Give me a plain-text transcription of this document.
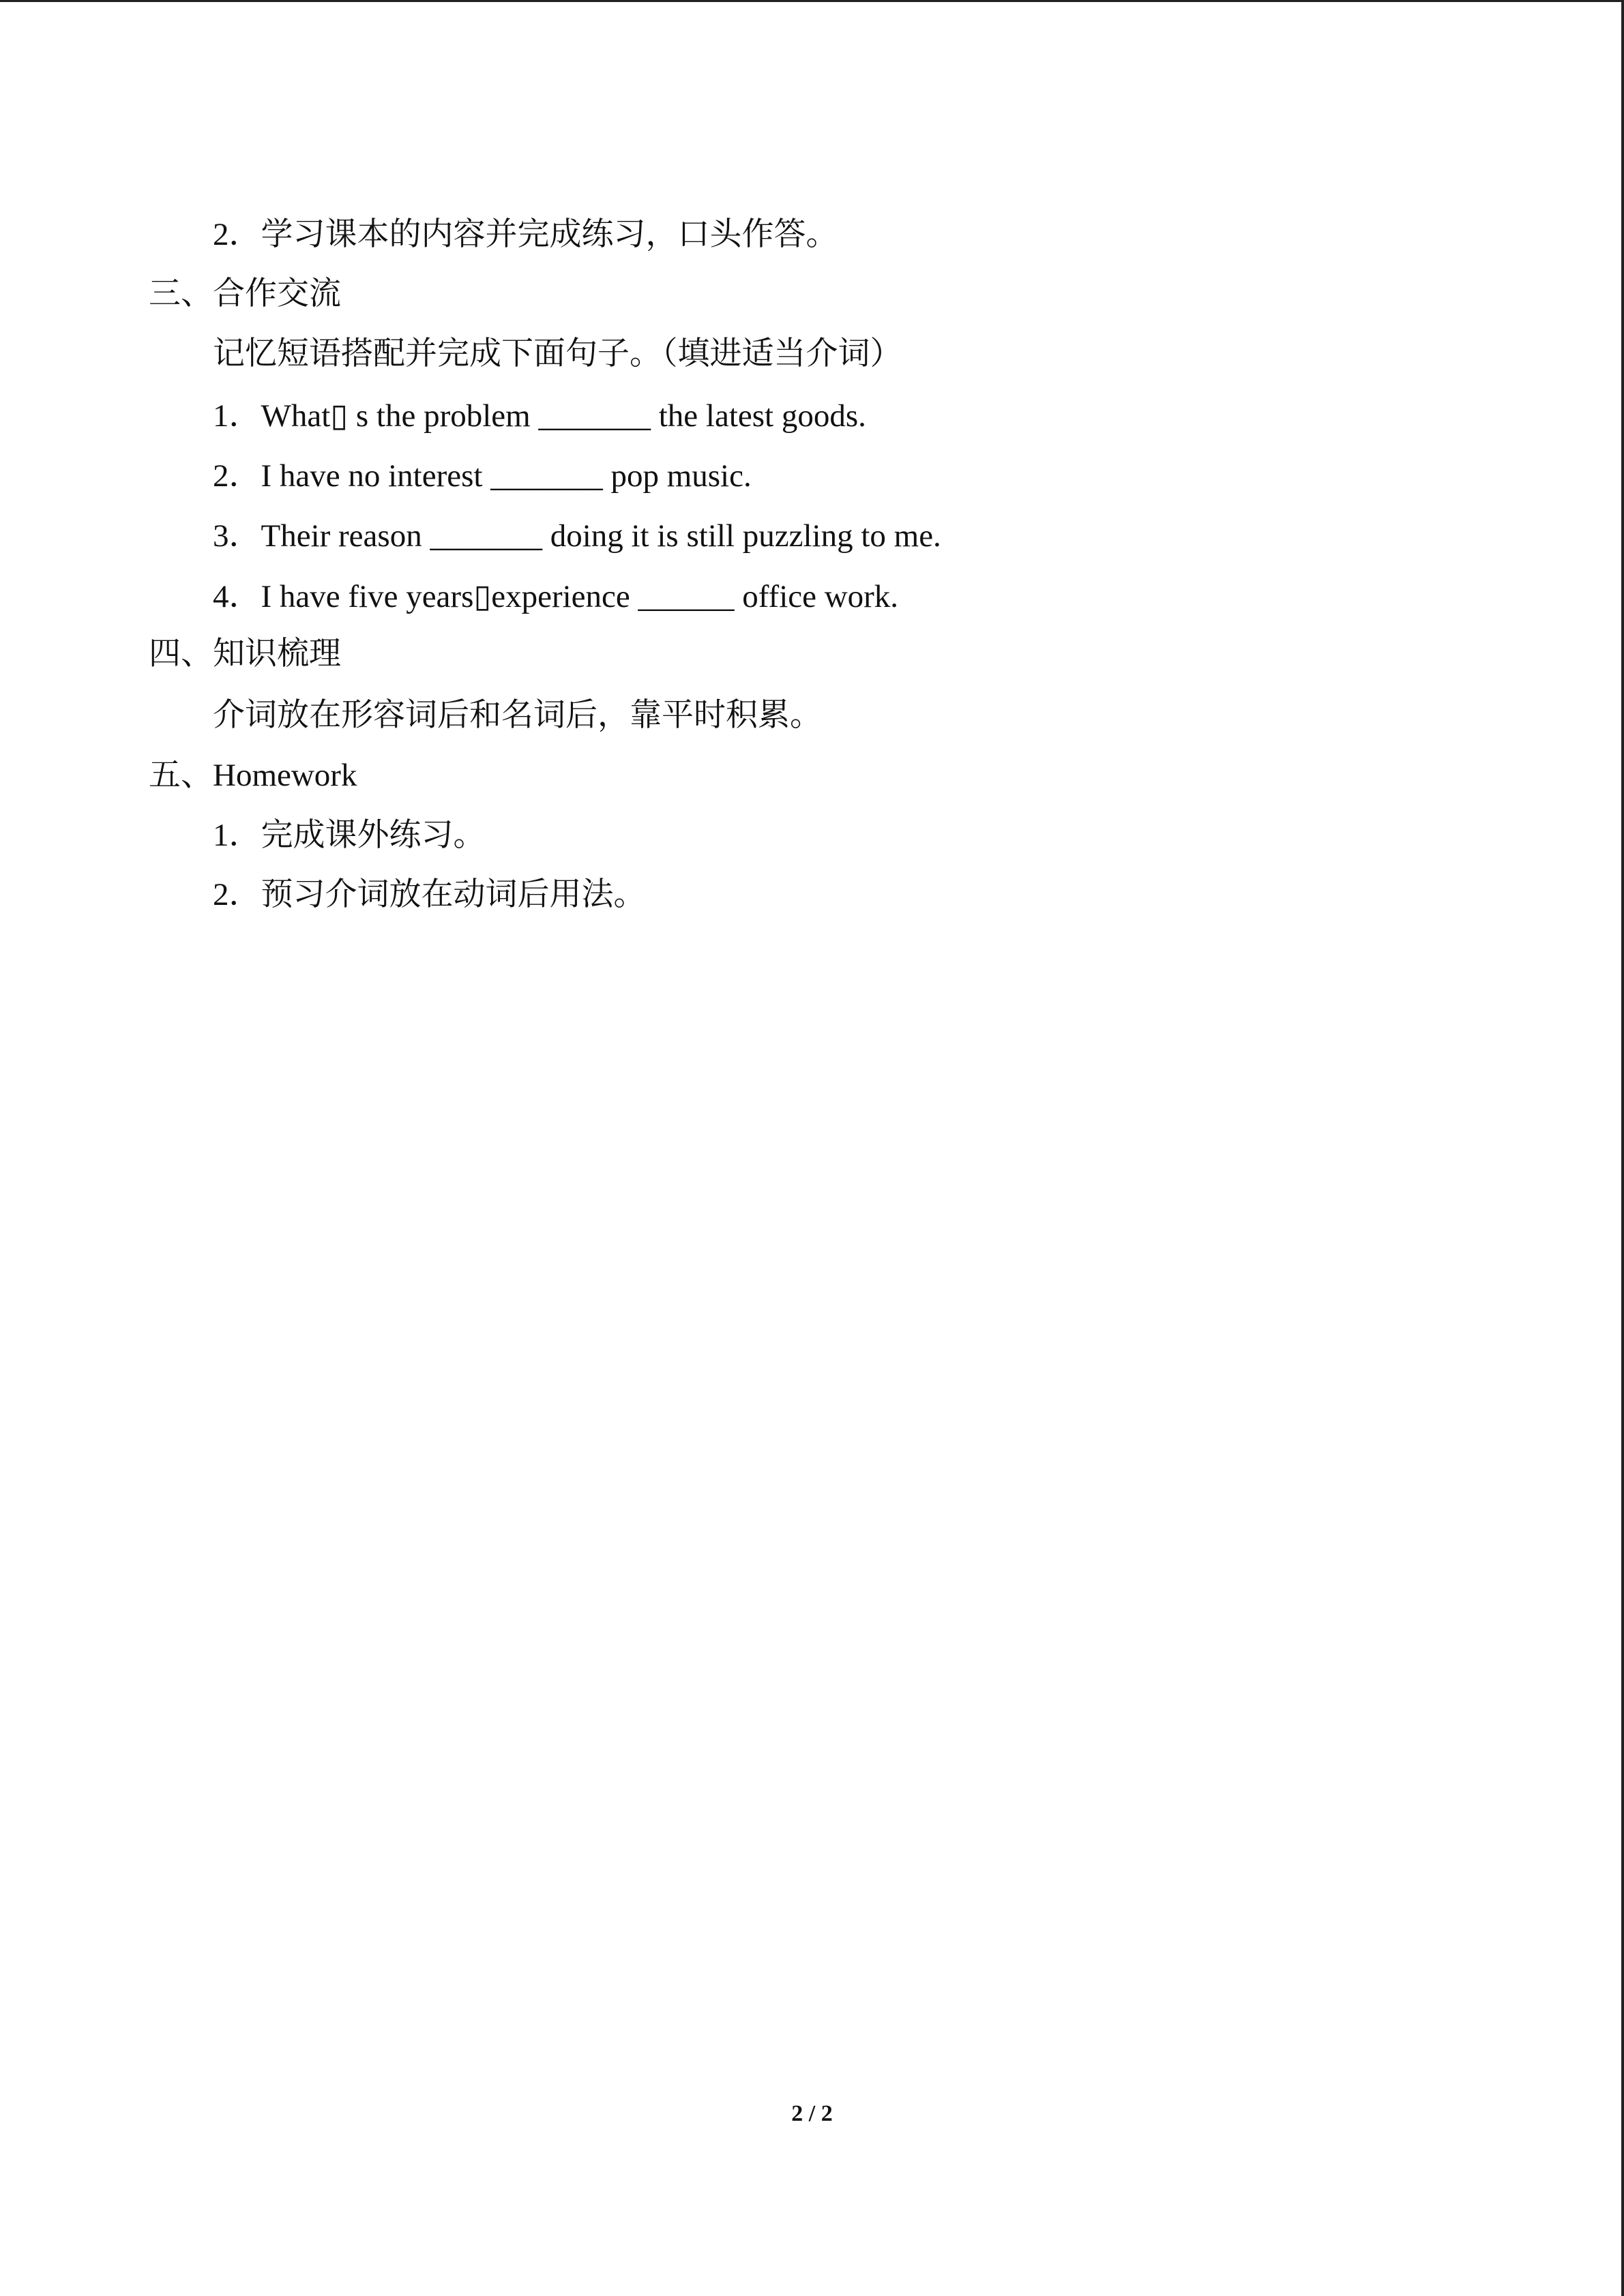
2．学习课本的内容并完成练习，口头作答。
三、合作交流
记忆短语搭配并完成下面句子。（填进适当介词）
1．What▯ s the problem _______ the latest goods.
2．I have no interest _______ pop music.
3．Their reason _______ doing it is still puzzling to me.
4．I have five years▯experience ______ office work.
四、知识梳理
介词放在形容词后和名词后，靠平时积累。
五、Homework
1．完成课外练习。
2．预习介词放在动词后用法。
2 / 2
